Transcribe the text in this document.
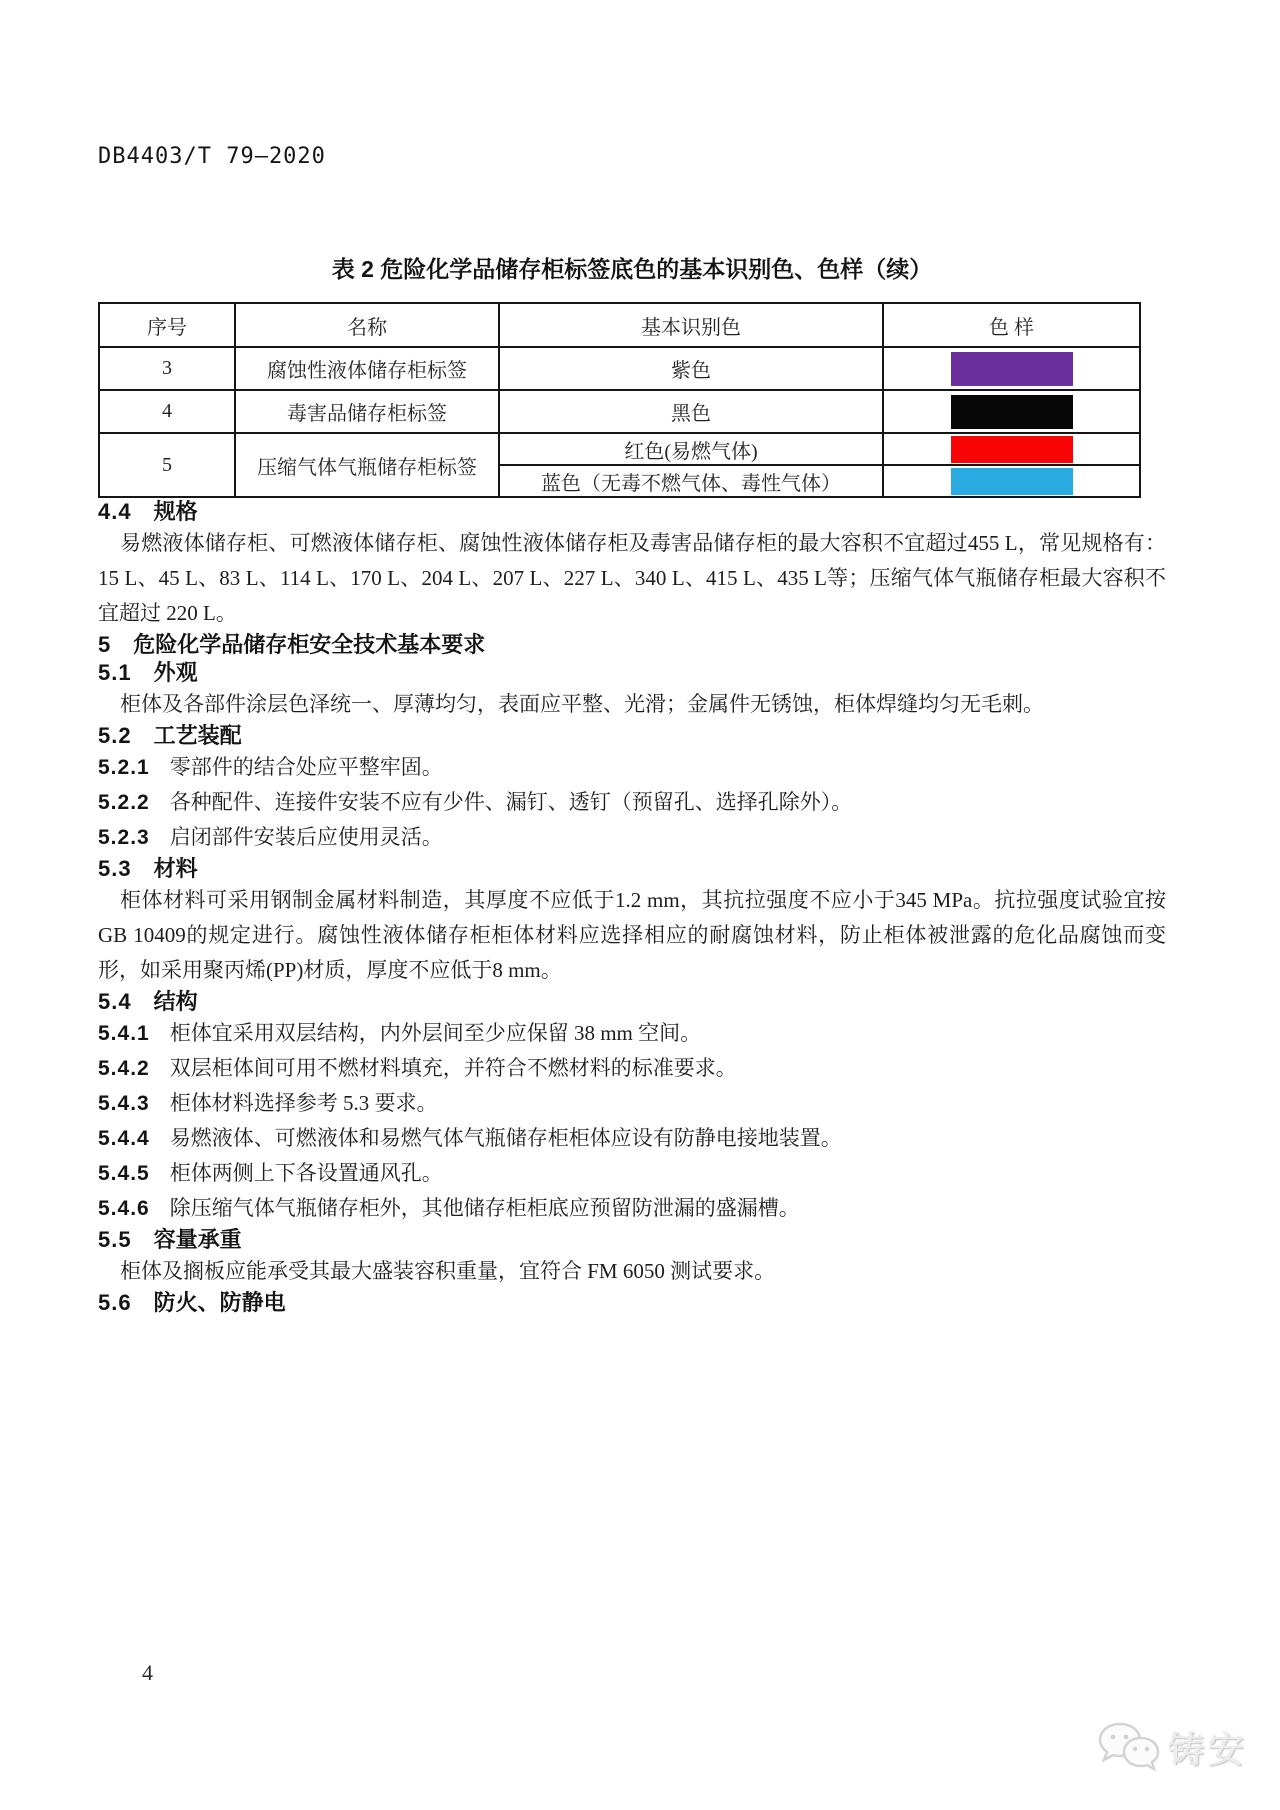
DB4403/T 79—2020
表 2 危险化学品储存柜标签底色的基本识别色、色样（续）
序号	名称	基本识别色	色 样
3	腐蚀性液体储存柜标签	紫色	

4	毒害品储存柜标签	黑色	

5	压缩气体气瓶储存柜标签	红色(易燃气体)	

		蓝色（无毒不燃气体、毒性气体）	
4.4 规格

易燃液体储存柜、可燃液体储存柜、腐蚀性液体储存柜及毒害品储存柜的最大容积不宜超过455 L，常见规格有：15 L、45 L、83 L、114 L、170 L、204 L、207 L、227 L、340 L、415 L、435 L等；压缩气体气瓶储存柜最大容积不宜超过 220 L。

5 危险化学品储存柜安全技术基本要求
5.1 外观

柜体及各部件涂层色泽统一、厚薄均匀，表面应平整、光滑；金属件无锈蚀，柜体焊缝均匀无毛刺。

5.2 工艺装配

5.2.1 零部件的结合处应平整牢固。

5.2.2 各种配件、连接件安装不应有少件、漏钉、透钉（预留孔、选择孔除外）。

5.2.3 启闭部件安装后应使用灵活。

5.3 材料

柜体材料可采用钢制金属材料制造，其厚度不应低于1.2 mm，其抗拉强度不应小于345 MPa。抗拉强度试验宜按GB 10409的规定进行。腐蚀性液体储存柜柜体材料应选择相应的耐腐蚀材料，防止柜体被泄露的危化品腐蚀而变形，如采用聚丙烯(PP)材质，厚度不应低于8 mm。

5.4 结构

5.4.1 柜体宜采用双层结构，内外层间至少应保留 38 mm 空间。

5.4.2 双层柜体间可用不燃材料填充，并符合不燃材料的标准要求。

5.4.3 柜体材料选择参考 5.3 要求。

5.4.4 易燃液体、可燃液体和易燃气体气瓶储存柜柜体应设有防静电接地装置。

5.4.5 柜体两侧上下各设置通风孔。

5.4.6 除压缩气体气瓶储存柜外，其他储存柜柜底应预留防泄漏的盛漏槽。

5.5 容量承重

柜体及搁板应能承受其最大盛装容积重量，宜符合 FM 6050 测试要求。

5.6 防火、防静电
4
铸安
